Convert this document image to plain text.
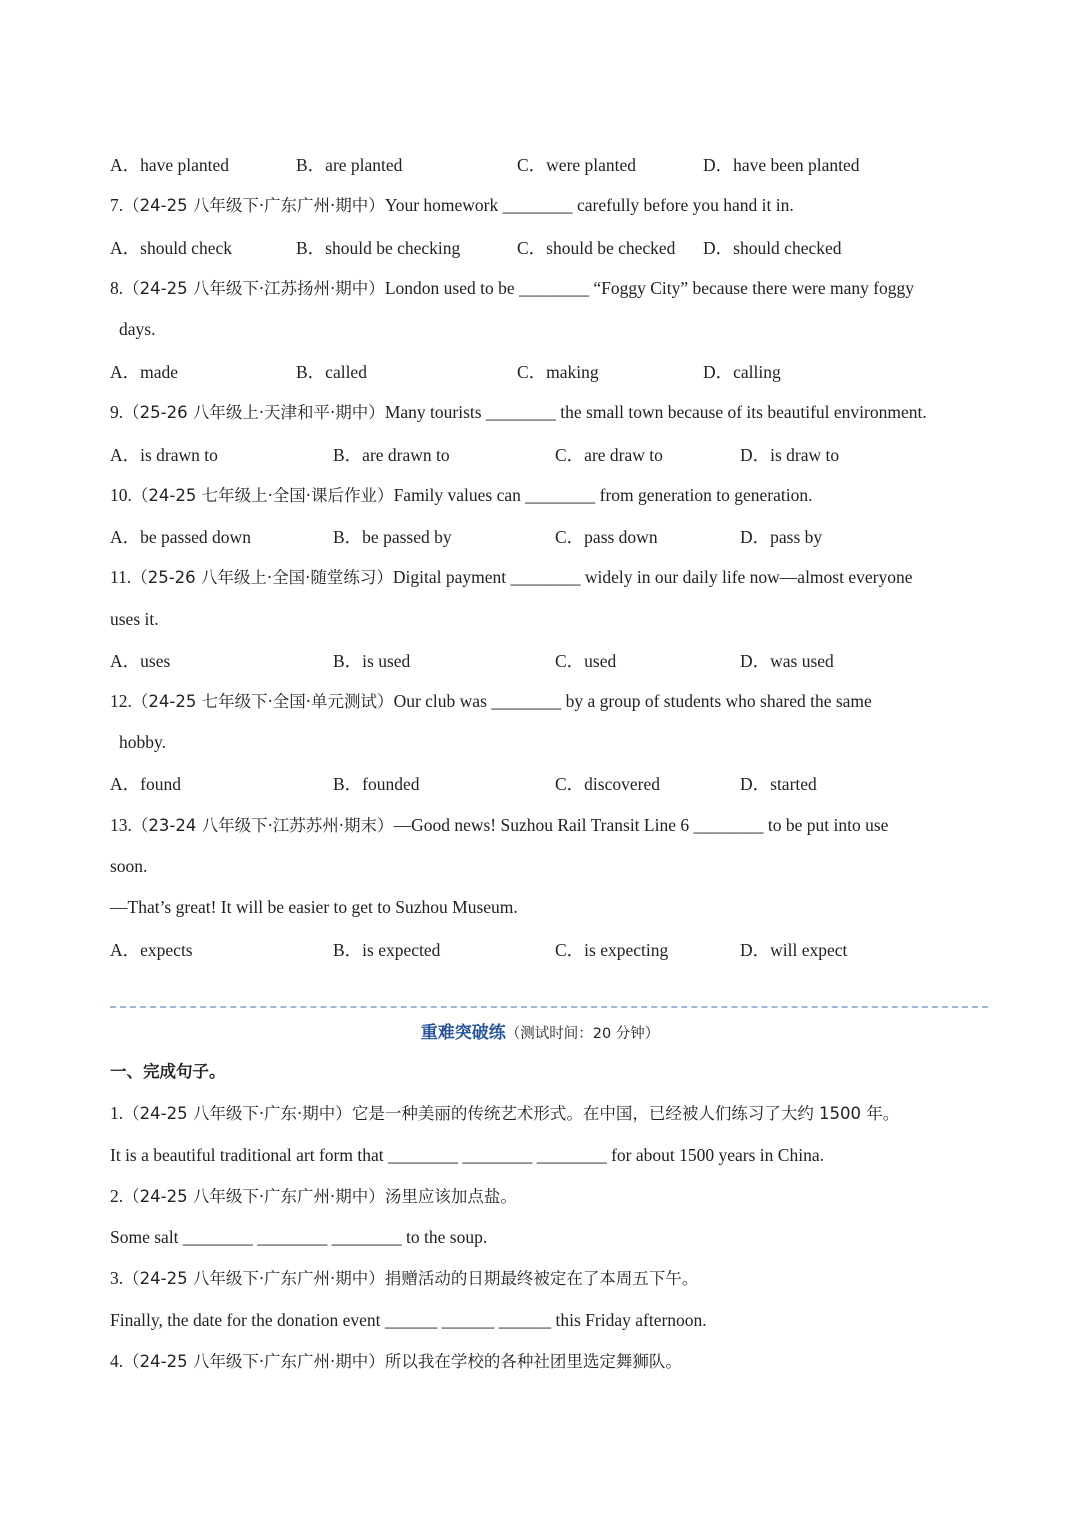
A．have planted	B．are planted	C．were planted	D．have been planted
7.（24-25 八年级下·广东广州·期中）Your homework ________ carefully before you hand it in.
A．should check	B．should be checking	C．should be checked D．should checked
8.（24-25 八年级下·江苏扬州·期中）London used to be ________ “Foggy City” because there were many foggy
days.
A．made	B．called	C．making	D．calling
9.（25-26 八年级上·天津和平·期中）Many tourists ________ the small town because of its beautiful environment.
A．is drawn to	B．are drawn to	C．are draw to	D．is draw to
10.（24-25 七年级上·全国·课后作业）Family values can ________ from generation to generation.
A．be passed down	B．be passed by	C．pass down	D．pass by
11.（25-26 八年级上·全国·随堂练习）Digital payment ________ widely in our daily life now—almost everyone
uses it.
A．uses	B．is used	C．used	D．was used
12.（24-25 七年级下·全国·单元测试）Our club was ________ by a group of students who shared the same
hobby.
A．found	B．founded	C．discovered	D．started
13.（23-24 八年级下·江苏苏州·期末）—Good news! Suzhou Rail Transit Line 6 ________ to be put into use
soon.
—That’s great! It will be easier to get to Suzhou Museum.
A．expects	B．is expected	C．is expecting	D．will expect
重难突破练（测试时间：20 分钟）
一、完成句子。
1.（24-25 八年级下·广东·期中）它是一种美丽的传统艺术形式。在中国，已经被人们练习了大约 1500 年。
It is a beautiful traditional art form that ________ ________ ________ for about 1500 years in China.
2.（24-25 八年级下·广东广州·期中）汤里应该加点盐。
Some salt ________ ________ ________ to the soup.
3.（24-25 八年级下·广东广州·期中）捐赠活动的日期最终被定在了本周五下午。
Finally, the date for the donation event ______ ______ ______ this Friday afternoon.
4.（24-25 八年级下·广东广州·期中）所以我在学校的各种社团里选定舞狮队。
